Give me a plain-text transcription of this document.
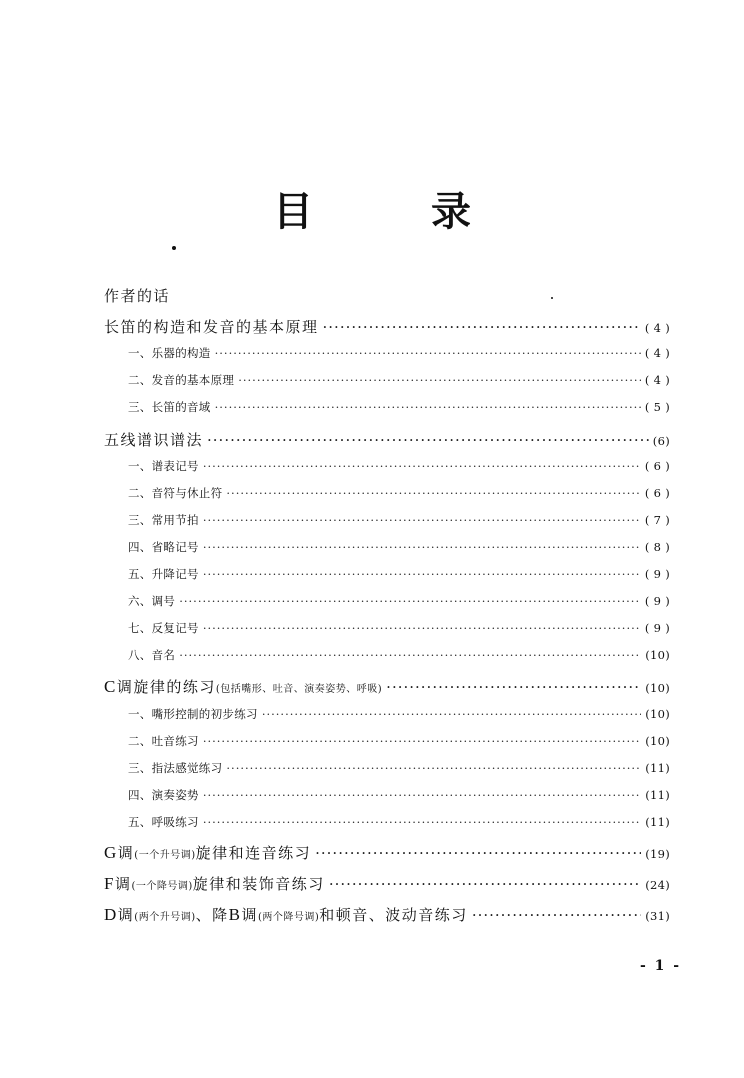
目 录
作者的话
长笛的构造和发音的基本原理 ·····	( 4 )
一、乐器的构造 ·····	( 4 )
二、发音的基本原理 ·····	( 4 )
三、长笛的音域 ·····	( 5 )
五线谱识谱法 ·····	(6)
一、谱表记号 ·····	( 6 )
二、音符与休止符 ·····	( 6 )
三、常用节拍 ·····	( 7 )
四、省略记号 ·····	( 8 )
五、升降记号 ·····	( 9 )
六、调号 ·····	( 9 )
七、反复记号 ·····	( 9 )
八、音名 ·····	(10)
C调旋律的练习(包括嘴形、吐音、演奏姿势、呼吸) ·····	(10)
一、嘴形控制的初步练习 ·····	(10)
二、吐音练习 ·····	(10)
三、指法感觉练习 ·····	(11)
四、演奏姿势 ·····	(11)
五、呼吸练习 ·····	(11)
G调(一个升号调)旋律和连音练习 ·····	(19)
F调(一个降号调)旋律和装饰音练习 ·····	(24)
D调(两个升号调)、降B调(两个降号调)和顿音、波动音练习 ·····	(31)
- 1 -
